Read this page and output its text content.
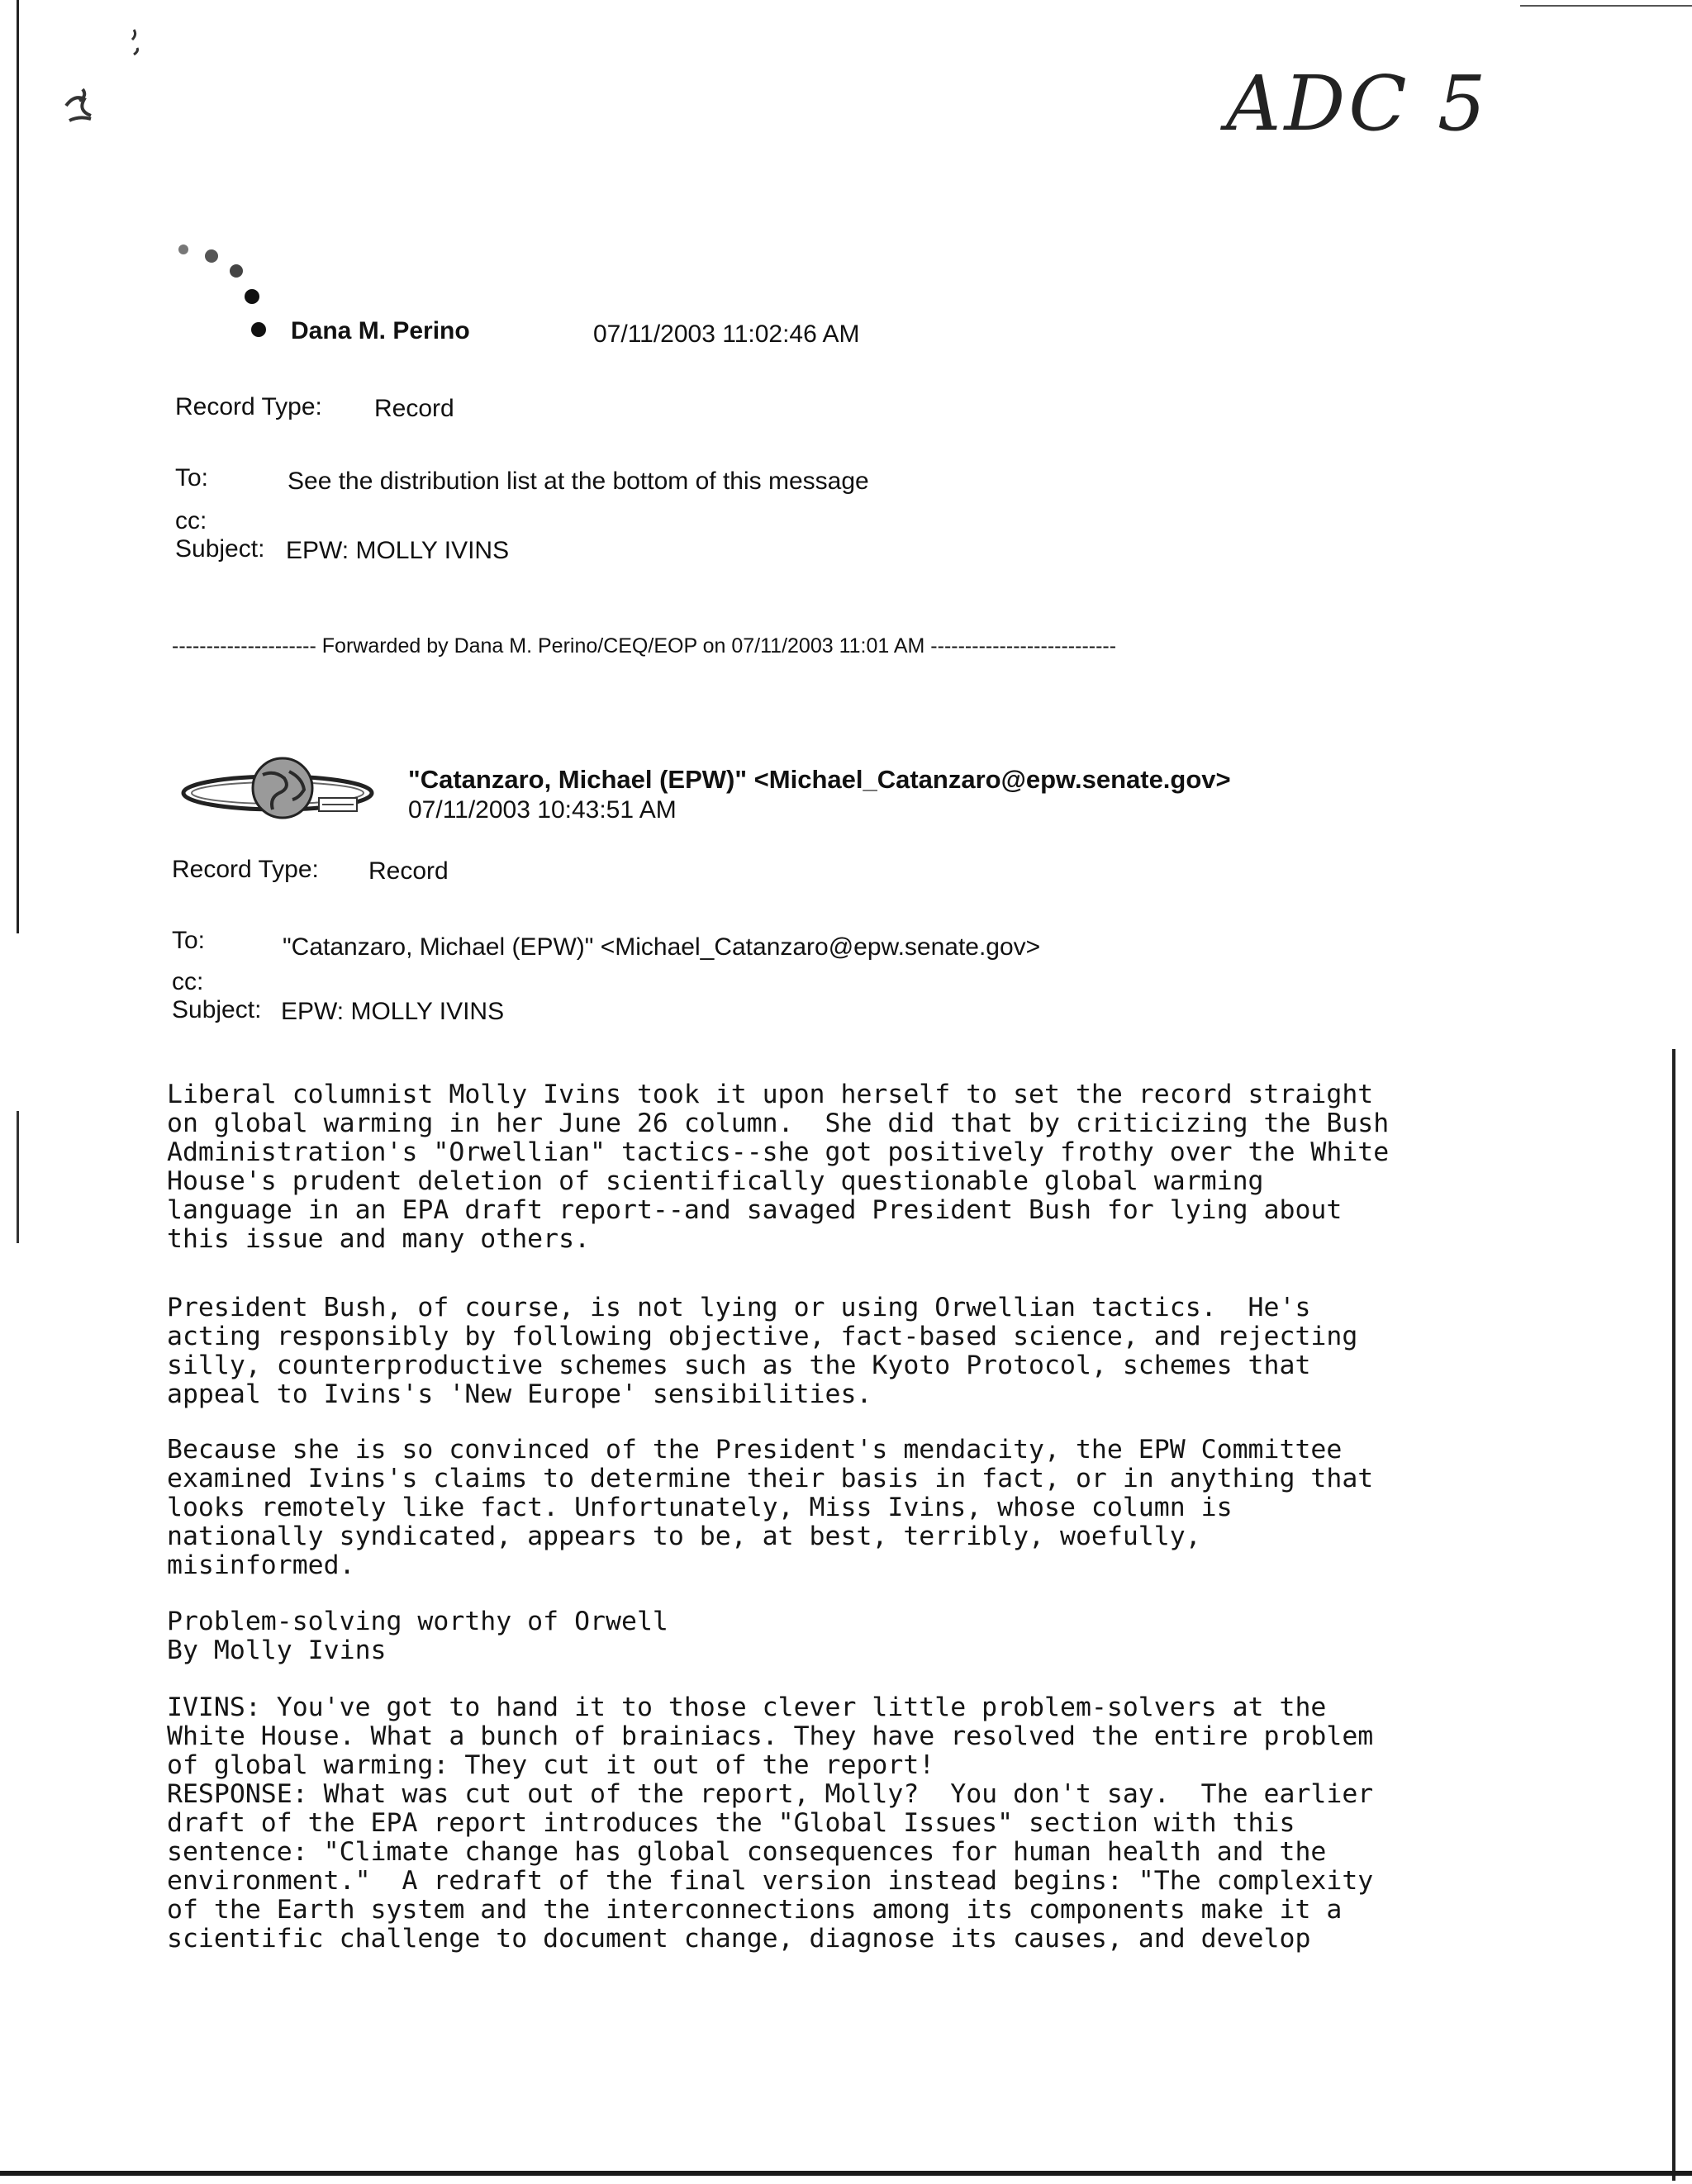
ADC 5
Dana M. Perino	07/11/2003 11:02:46 AM
Record Type: Record
To:	See the distribution list at the bottom of this message
cc:
Subject: EPW: MOLLY IVINS
--------------------- Forwarded by Dana M. Perino/CEQ/EOP on 07/11/2003 11:01 AM ---------------------------
"Catanzaro, Michael (EPW)" <Michael_Catanzaro@epw.senate.gov>
07/11/2003 10:43:51 AM
Record Type: Record
To:	"Catanzaro, Michael (EPW)" <Michael_Catanzaro@epw.senate.gov>
cc:
Subject: EPW: MOLLY IVINS
Liberal columnist Molly Ivins took it upon herself to set the record straight
on global warming in her June 26 column.  She did that by criticizing the Bush
Administration's "Orwellian" tactics--she got positively frothy over the White
House's prudent deletion of scientifically questionable global warming
language in an EPA draft report--and savaged President Bush for lying about
this issue and many others.
President Bush, of course, is not lying or using Orwellian tactics.  He's
acting responsibly by following objective, fact-based science, and rejecting
silly, counterproductive schemes such as the Kyoto Protocol, schemes that
appeal to Ivins's 'New Europe' sensibilities.
Because she is so convinced of the President's mendacity, the EPW Committee
examined Ivins's claims to determine their basis in fact, or in anything that
looks remotely like fact. Unfortunately, Miss Ivins, whose column is
nationally syndicated, appears to be, at best, terribly, woefully,
misinformed.
Problem-solving worthy of Orwell
By Molly Ivins
IVINS: You've got to hand it to those clever little problem-solvers at the
White House. What a bunch of brainiacs. They have resolved the entire problem
of global warming: They cut it out of the report!
RESPONSE: What was cut out of the report, Molly?  You don't say.  The earlier
draft of the EPA report introduces the "Global Issues" section with this
sentence: "Climate change has global consequences for human health and the
environment."  A redraft of the final version instead begins: "The complexity
of the Earth system and the interconnections among its components make it a
scientific challenge to document change, diagnose its causes, and develop
